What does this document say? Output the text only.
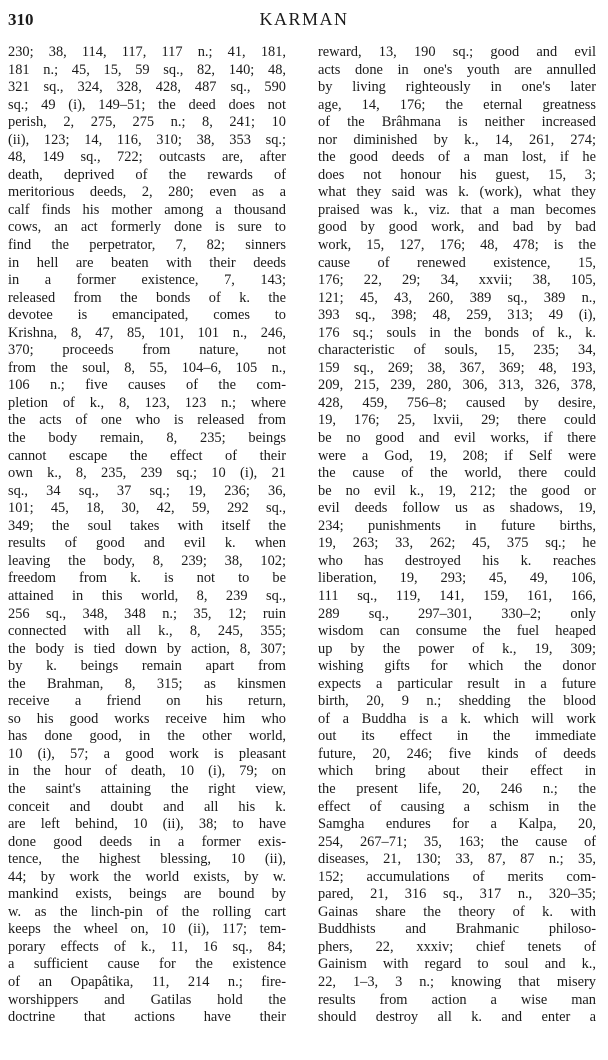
310	KARMAN
230; 38, 114, 117, 117 n.; 41, 181,
181 n.; 45, 15, 59 sq., 82, 140; 48,
321 sq., 324, 328, 428, 487 sq., 590
sq.; 49 (i), 149–51; the deed does not
perish, 2, 275, 275 n.; 8, 241; 10
(ii), 123; 14, 116, 310; 38, 353 sq.;
48, 149 sq., 722; outcasts are, after
death, deprived of the rewards of
meritorious deeds, 2, 280; even as a
calf finds his mother among a thousand
cows, an act formerly done is sure to
find the perpetrator, 7, 82; sinners
in hell are beaten with their deeds
in a former existence, 7, 143;
released from the bonds of k. the
devotee is emancipated, comes to
Krishna, 8, 47, 85, 101, 101 n., 246,
370; proceeds from nature, not
from the soul, 8, 55, 104–6, 105 n.,
106 n.; five causes of the com-
pletion of k., 8, 123, 123 n.; where
the acts of one who is released from
the body remain, 8, 235; beings
cannot escape the effect of their
own k., 8, 235, 239 sq.; 10 (i), 21
sq., 34 sq., 37 sq.; 19, 236; 36,
101; 45, 18, 30, 42, 59, 292 sq.,
349; the soul takes with itself the
results of good and evil k. when
leaving the body, 8, 239; 38, 102;
freedom from k. is not to be
attained in this world, 8, 239 sq.,
256 sq., 348, 348 n.; 35, 12; ruin
connected with all k., 8, 245, 355;
the body is tied down by action, 8, 307;
by k. beings remain apart from
the Brahman, 8, 315; as kinsmen
receive a friend on his return,
so his good works receive him who
has done good, in the other world,
10 (i), 57; a good work is pleasant
in the hour of death, 10 (i), 79; on
the saint's attaining the right view,
conceit and doubt and all his k.
are left behind, 10 (ii), 38; to have
done good deeds in a former exis-
tence, the highest blessing, 10 (ii),
44; by work the world exists, by w.
mankind exists, beings are bound by
w. as the linch-pin of the rolling cart
keeps the wheel on, 10 (ii), 117; tem-
porary effects of k., 11, 16 sq., 84;
a sufficient cause for the existence
of an Opapâtika, 11, 214 n.; fire-
worshippers and Gatilas hold the
doctrine that actions have their
reward, 13, 190 sq.; good and evil
acts done in one's youth are annulled
by living righteously in one's later
age, 14, 176; the eternal greatness
of the Brâhmana is neither increased
nor diminished by k., 14, 261, 274;
the good deeds of a man lost, if he
does not honour his guest, 15, 3;
what they said was k. (work), what they
praised was k., viz. that a man becomes
good by good work, and bad by bad
work, 15, 127, 176; 48, 478; is the
cause of renewed existence, 15,
176; 22, 29; 34, xxvii; 38, 105,
121; 45, 43, 260, 389 sq., 389 n.,
393 sq., 398; 48, 259, 313; 49 (i),
176 sq.; souls in the bonds of k., k.
characteristic of souls, 15, 235; 34,
159 sq., 269; 38, 367, 369; 48, 193,
209, 215, 239, 280, 306, 313, 326, 378,
428, 459, 756–8; caused by desire,
19, 176; 25, lxvii, 29; there could
be no good and evil works, if there
were a God, 19, 208; if Self were
the cause of the world, there could
be no evil k., 19, 212; the good or
evil deeds follow us as shadows, 19,
234; punishments in future births,
19, 263; 33, 262; 45, 375 sq.; he
who has destroyed his k. reaches
liberation, 19, 293; 45, 49, 106,
111 sq., 119, 141, 159, 161, 166,
289 sq., 297–301, 330–2; only
wisdom can consume the fuel heaped
up by the power of k., 19, 309;
wishing gifts for which the donor
expects a particular result in a future
birth, 20, 9 n.; shedding the blood
of a Buddha is a k. which will work
out its effect in the immediate
future, 20, 246; five kinds of deeds
which bring about their effect in
the present life, 20, 246 n.; the
effect of causing a schism in the
Samgha endures for a Kalpa, 20,
254, 267–71; 35, 163; the cause of
diseases, 21, 130; 33, 87, 87 n.; 35,
152; accumulations of merits com-
pared, 21, 316 sq., 317 n., 320–35;
Gainas share the theory of k. with
Buddhists and Brahmanic philoso-
phers, 22, xxxiv; chief tenets of
Gainism with regard to soul and k.,
22, 1–3, 3 n.; knowing that misery
results from action a wise man
should destroy all k. and enter a
